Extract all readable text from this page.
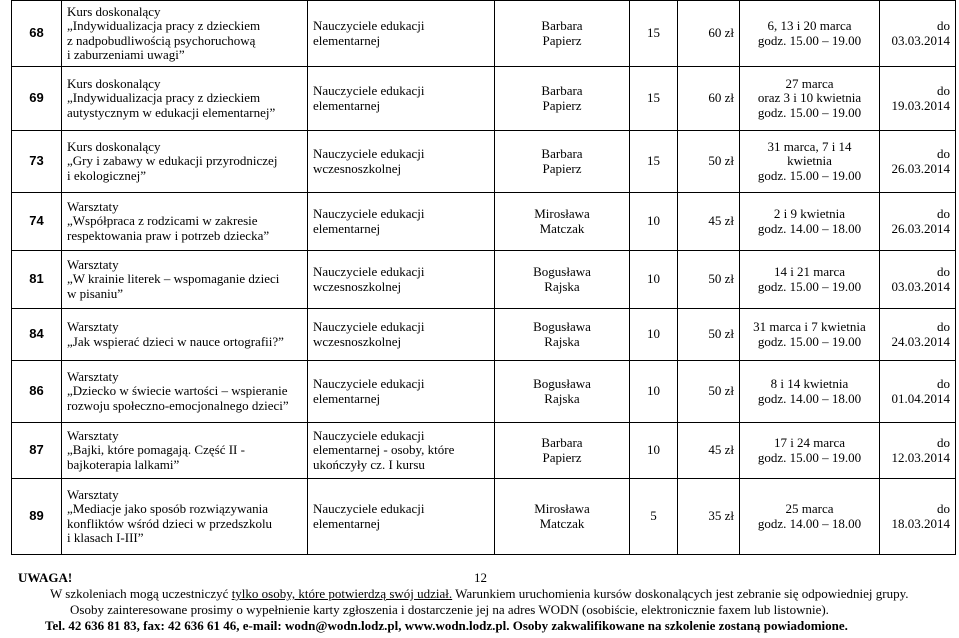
68	Kurs doskonalący
„Indywidualizacja pracy z dzieckiem
z nadpobudliwością psychoruchową
i zaburzeniami uwagi”	Nauczyciele edukacji
elementarnej	Barbara
Papierz	15	60 zł	6, 13 i 20 marca
godz. 15.00 – 19.00	do
03.03.2014

69	Kurs doskonalący
„Indywidualizacja pracy z dzieckiem
autystycznym w edukacji elementarnej”	Nauczyciele edukacji
elementarnej	Barbara
Papierz	15	60 zł	27 marca
oraz 3 i 10 kwietnia
godz. 15.00 – 19.00	do
19.03.2014

73	Kurs doskonalący
„Gry i zabawy w edukacji przyrodniczej
i ekologicznej”	Nauczyciele edukacji
wczesnoszkolnej	Barbara
Papierz	15	50 zł	31 marca, 7 i 14 kwietnia
godz. 15.00 – 19.00	do
26.03.2014

74	Warsztaty
„Współpraca z rodzicami w zakresie
respektowania praw i potrzeb dziecka”	Nauczyciele edukacji
elementarnej	Mirosława
Matczak	10	45 zł	2 i 9 kwietnia
godz. 14.00 – 18.00	do
26.03.2014

81	Warsztaty
„W krainie literek – wspomaganie dzieci
w pisaniu”	Nauczyciele edukacji
wczesnoszkolnej	Bogusława
Rajska	10	50 zł	14 i 21 marca
godz. 15.00 – 19.00	do
03.03.2014

84	Warsztaty
„Jak wspierać dzieci w nauce ortografii?”	Nauczyciele edukacji
wczesnoszkolnej	Bogusława
Rajska	10	50 zł	31 marca i 7 kwietnia
godz. 15.00 – 19.00	do
24.03.2014

86	Warsztaty
„Dziecko w świecie wartości – wspieranie
rozwoju społeczno-emocjonalnego dzieci”	Nauczyciele edukacji
elementarnej	Bogusława
Rajska	10	50 zł	8 i 14 kwietnia
godz. 14.00 – 18.00	do
01.04.2014

87	Warsztaty
„Bajki, które pomagają. Część II -
bajkoterapia lalkami”	Nauczyciele edukacji
elementarnej - osoby, które
ukończyły cz. I kursu	Barbara
Papierz	10	45 zł	17 i 24 marca
godz. 15.00 – 19.00	do
12.03.2014

89	Warsztaty
„Mediacje jako sposób rozwiązywania
konfliktów wśród dzieci w przedszkolu
i klasach I-III”	Nauczyciele edukacji
elementarnej	Mirosława
Matczak	5	35 zł	25 marca
godz. 14.00 – 18.00	do
18.03.2014
UWAGA!	12
W szkoleniach mogą uczestniczyć tylko osoby, które potwierdzą swój udział. Warunkiem uruchomienia kursów doskonalących jest zebranie się odpowiedniej grupy.
Osoby zainteresowane prosimy o wypełnienie karty zgłoszenia i dostarczenie jej na adres WODN (osobiście, elektronicznie faxem lub listownie).
Tel. 42 636 81 83, fax: 42 636 61 46, e-mail: wodn@wodn.lodz.pl, www.wodn.lodz.pl. Osoby zakwalifikowane na szkolenie zostaną powiadomione.
